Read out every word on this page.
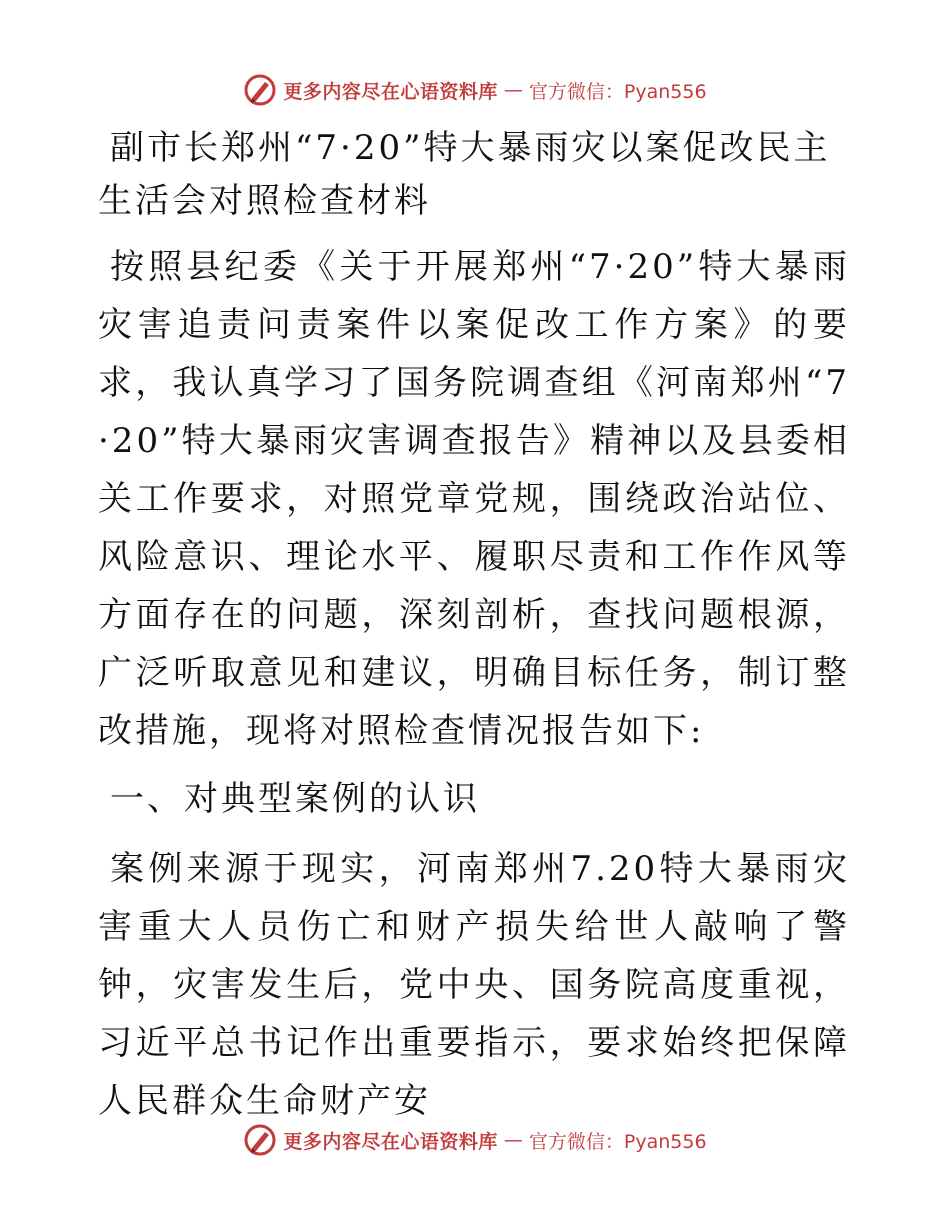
更多内容尽在心语资料库 — 官方微信：Pyan556
副市长郑州“7·20”特大暴雨灾以案促改民主生活会对照检查材料

按照县纪委《关于开展郑州“7·20”特大暴雨灾害追责问责案件以案促改工作方案》的要求，我认真学习了国务院调查组《河南郑州“7·20”特大暴雨灾害调查报告》精神以及县委相关工作要求，对照党章党规，围绕政治站位、风险意识、理论水平、履职尽责和工作作风等方面存在的问题，深刻剖析，查找问题根源，广泛听取意见和建议，明确目标任务，制订整改措施，现将对照检查情况报告如下:

一、对典型案例的认识

案例来源于现实，河南郑州7.20特大暴雨灾害重大人员伤亡和财产损失给世人敲响了警钟，灾害发生后，党中央、国务院高度重视，习近平总书记作出重要指示，要求始终把保障人民群众生命财产安

更多内容尽在心语资料库 — 官方微信：Pyan556
